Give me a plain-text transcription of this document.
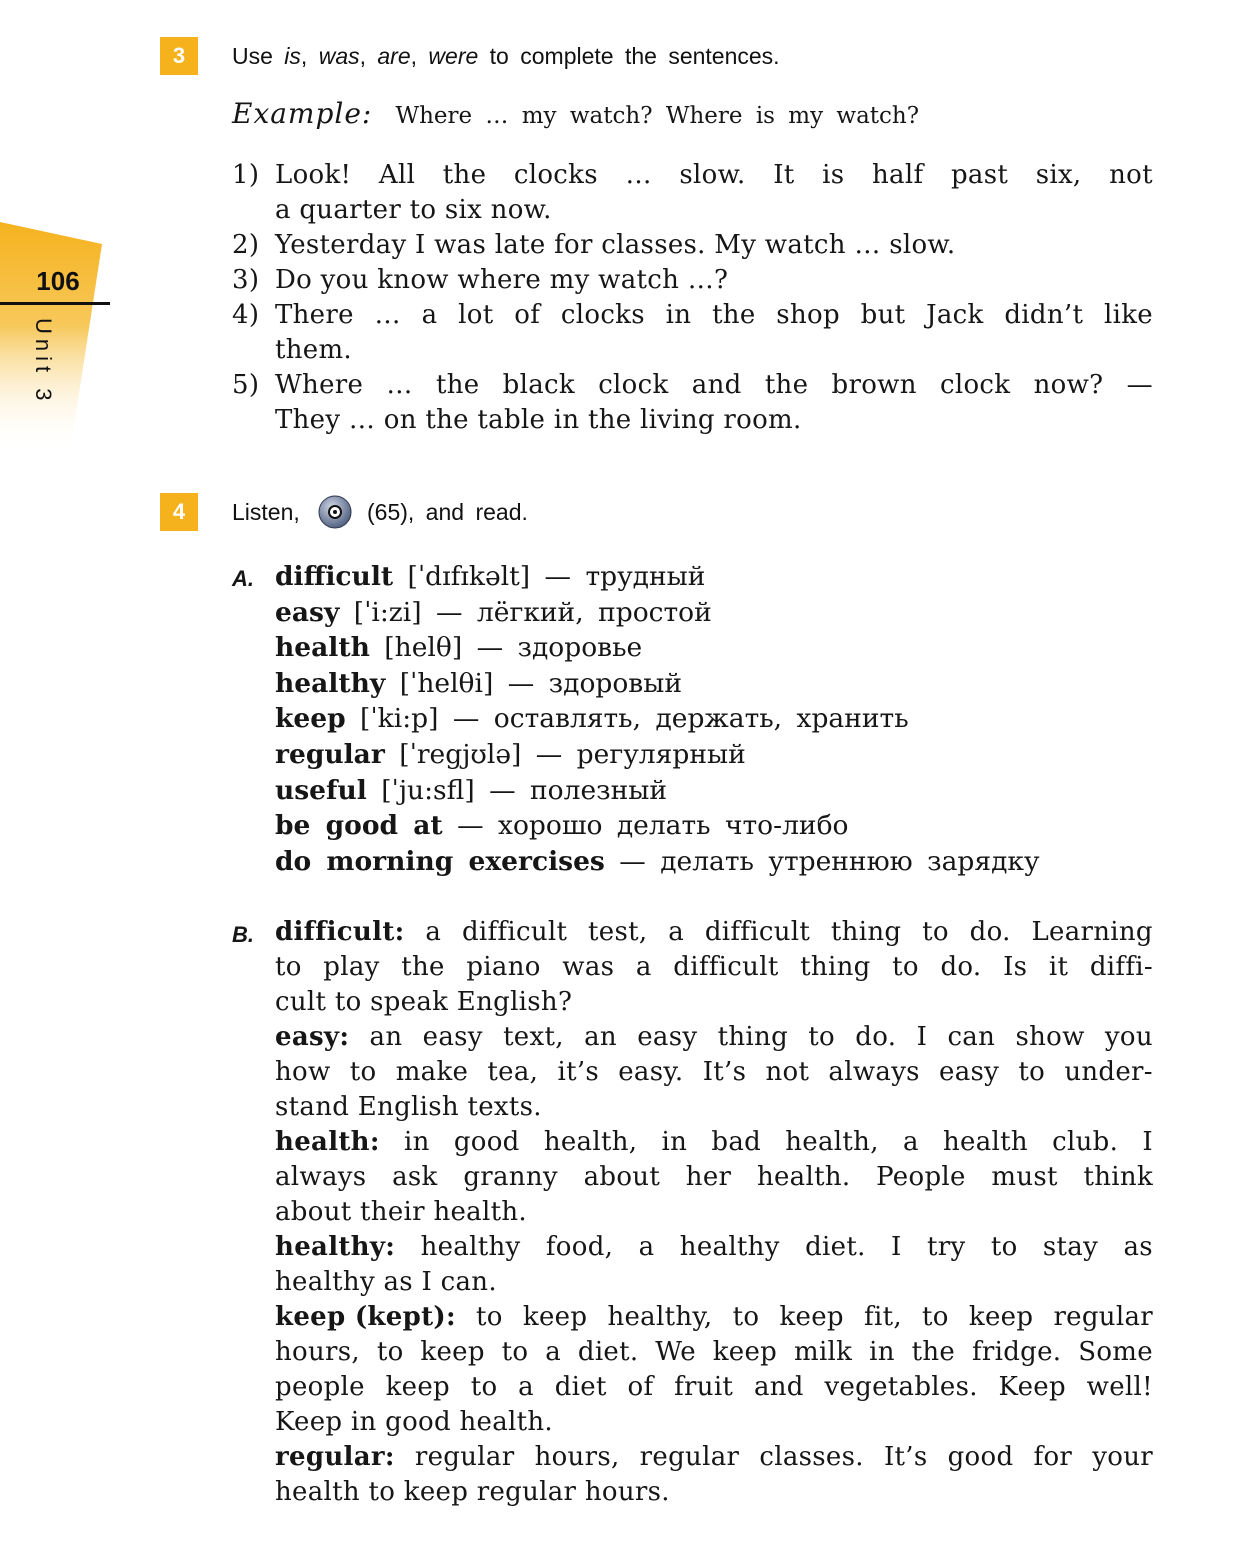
106
Unit 3
3	Use is, was, are, were to complete the sentences.
Example: Where … my watch? Where is my watch?
1) Look! All the clocks … slow. It is half past six, not
a quarter to six now.
2) Yesterday I was late for classes. My watch … slow.
3) Do you know where my watch …?
4) There … a lot of clocks in the shop but Jack didn’t like
them.
5) Where … the black clock and the brown clock now? —
They … on the table in the living room.
4	Listen,	(65), and read.
A. difficult [ˈdɪfɪkəlt] — трудный
easy [ˈi:zi] — лёгкий, простой
health [helθ] — здоровье
healthy [ˈhelθi] — здоровый
keep [ˈki:p] — оставлять, держать, хранить
regular [ˈregjʊlə] — регулярный
useful [ˈju:sfl] — полезный
be good at — хорошо делать что-либо
do morning exercises — делать утреннюю зарядку
B. difficult: a difficult test, a difficult thing to do. Learning
to play the piano was a difficult thing to do. Is it diffi-
cult to speak English?
easy: an easy text, an easy thing to do. I can show you
how to make tea, it’s easy. It’s not always easy to under-
stand English texts.
health: in good health, in bad health, a health club. I
always ask granny about her health. People must think
about their health.
healthy: healthy food, a healthy diet. I try to stay as
healthy as I can.
keep (kept): to keep healthy, to keep fit, to keep regular
hours, to keep to a diet. We keep milk in the fridge. Some
people keep to a diet of fruit and vegetables. Keep well!
Keep in good health.
regular: regular hours, regular classes. It’s good for your
health to keep regular hours.
